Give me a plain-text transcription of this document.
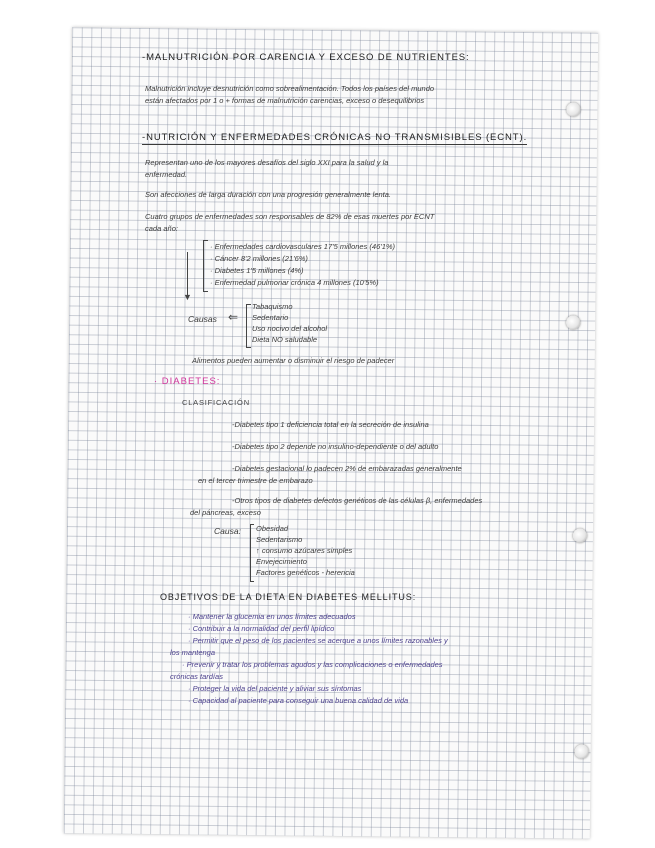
-MALNUTRICIÓN POR CARENCIA Y EXCESO DE NUTRIENTES:
Malnutrición incluye desnutrición como sobrealimentación. Todos los países del mundo
están afectados por 1 o + formas de malnutrición carencias, exceso o desequilibrios
-NUTRICIÓN Y ENFERMEDADES CRÓNICAS NO TRANSMISIBLES (ECNT).
Representan uno de los mayores desafíos del siglo XXI para la salud y la
enfermedad.
Son afecciones de larga duración con una progresión generalmente lenta.
Cuatro grupos de enfermedades son responsables de 82% de esas muertes por ECNT
cada año:
▼
· Enfermedades cardiovasculares 17'5 millones (46'1%)
· Cáncer 8'2 millones (21'6%)
· Diabetes 1'5 millones (4%)
· Enfermedad pulmonar crónica 4 millones (10'5%)
Causas ⇐
Tabaquismo
Sedentario
Uso nocivo del alcohol
Dieta NO saludable
Alimentos pueden aumentar o disminuir el riesgo de padecer
· DIABETES:
CLASIFICACIÓN
-Diabetes tipo 1 deficiencia total en la secreción de insulina
-Diabetes tipo 2 depende no insulino-dependiente o del adulto
-Diabetes gestacional lo padecen 2% de embarazadas generalmente
en el tercer trimestre de embarazo
-Otros tipos de diabetes defectos genéticos de las células β, enfermedades
del páncreas, exceso
Causa: Obesidad
Sedentarismo
↑ consumo azúcares simples
Envejecimiento
Factores genéticos - herencia
OBJETIVOS DE LA DIETA EN DIABETES MELLITUS:
· Mantener la glucemia en unos límites adecuados
· Contribuir a la normalidad del perfil lipídico
· Permitir que el peso de los pacientes se acerque a unos límites razonables y
los mantenga
· Prevenir y tratar los problemas agudos y las complicaciones o enfermedades
crónicas tardías
· Proteger la vida del paciente y aliviar sus síntomas
· Capacidad al paciente para conseguir una buena calidad de vida
